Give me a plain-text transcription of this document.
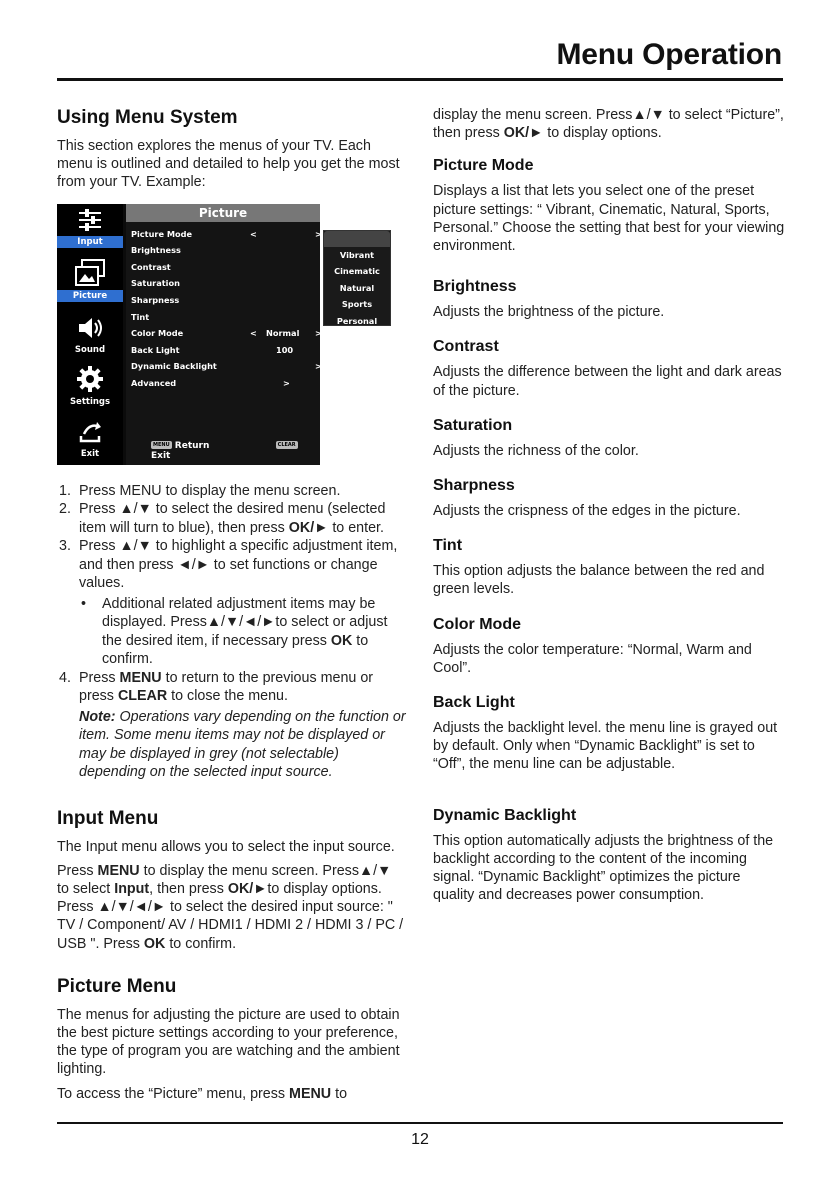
Menu Operation
Using Menu System

This section explores the menus of your TV. Each menu is outlined and detailed to help you get the most from your TV. Example:

Input
Picture
Sound
Settings
Exit
Picture
Picture Mode	<	>
Brightness
Contrast
Saturation
Sharpness
Tint
Color Mode	< Normal >
Back Light	100
Dynamic Backlight	>
Advanced	>
MENU Return	CLEAR Exit
Vibrant
Cinematic
Natural
Sports
Personal
1. Press MENU to display the menu screen.
2. Press ▲/▼ to select the desired menu (selected item will turn to blue), then press OK/► to enter.
3. Press ▲/▼ to highlight a specific adjustment item, and then press ◄/► to set functions or change values.
• Additional related adjustment items may be displayed. Press▲/▼/◄/►to select or adjust the desired item, if necessary press OK to confirm.
4. Press MENU to return to the previous menu or press CLEAR to close the menu.

Note: Operations vary depending on the function or item. Some menu items may not be displayed or may be displayed in grey (not selectable) depending on the selected input source.

Input Menu

The Input menu allows you to select the input source.

Press MENU to display the menu screen. Press▲/▼ to select Input, then press OK/►to display options. Press ▲/▼/◄/► to select the desired input source: " TV / Component/ AV / HDMI1 / HDMI 2 / HDMI 3 / PC / USB ". Press OK to confirm.

Picture Menu

The menus for adjusting the picture are used to obtain the best picture settings according to your preference, the type of program you are watching and the ambient lighting.

To access the “Picture” menu, press MENU to

display the menu screen. Press▲/▼ to select “Picture”, then press OK/► to display options.

Picture Mode

Displays a list that lets you select one of the preset picture settings: “ Vibrant, Cinematic, Natural, Sports, Personal.” Choose the setting that best for your viewing environment.

Brightness

Adjusts the brightness of the picture.

Contrast

Adjusts the difference between the light and dark areas of the picture.

Saturation

Adjusts the richness of the color.

Sharpness

Adjusts the crispness of the edges in the picture.

Tint

This option adjusts the balance between the red and green levels.

Color Mode

Adjusts the color temperature: “Normal, Warm and Cool”.

Back Light

Adjusts the backlight level. the menu line is grayed out by default. Only when “Dynamic Backlight” is set to “Off”, the menu line can be adjustable.

Dynamic Backlight

This option automatically adjusts the brightness of the backlight according to the content of the incoming signal. “Dynamic Backlight” optimizes the picture quality and decreases power consumption.

12
